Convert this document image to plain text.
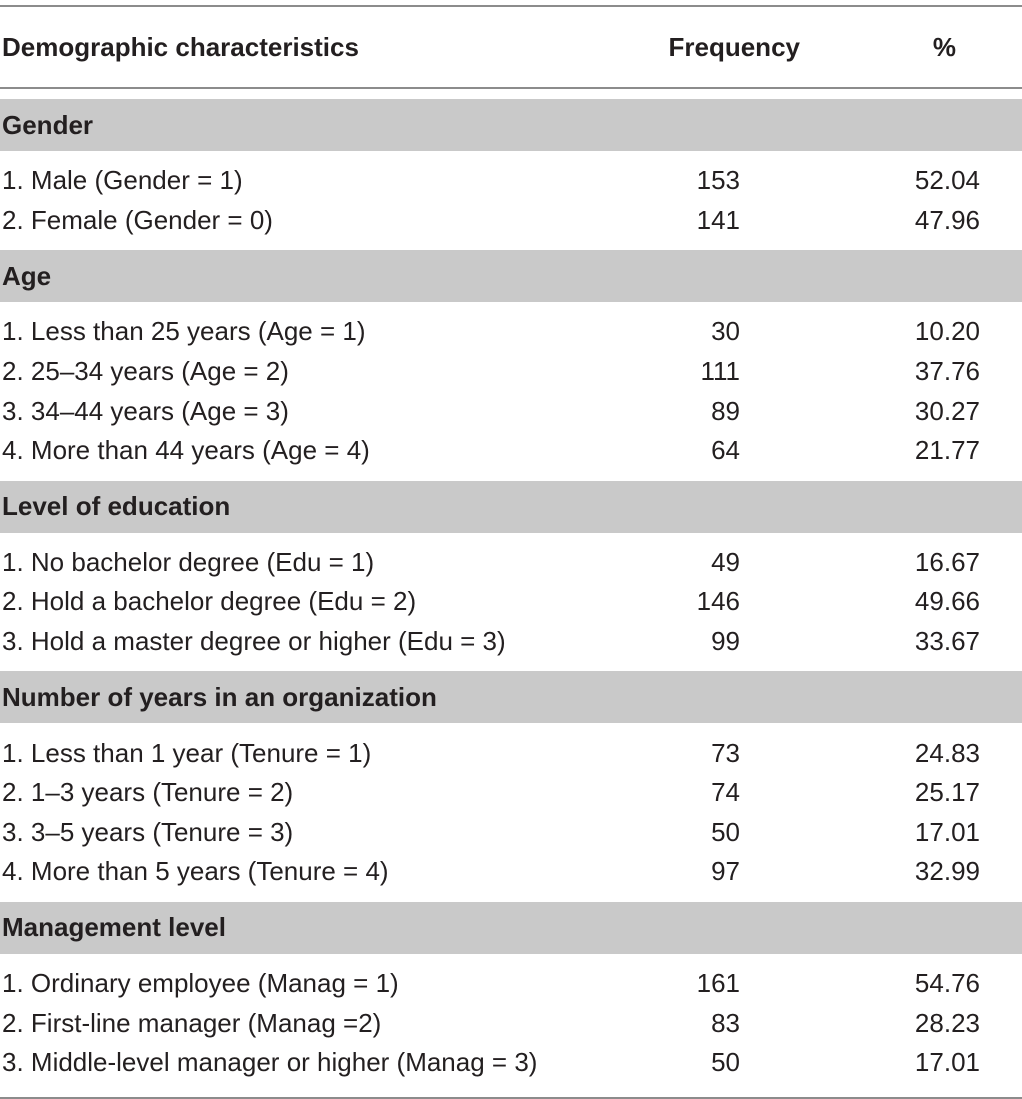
Demographic characteristics	Frequency	%
Gender
1. Male (Gender = 1)	153	52.04
2. Female (Gender = 0)	141	47.96
Age
1. Less than 25 years (Age = 1)	30	10.20
2. 25–34 years (Age = 2)	111	37.76
3. 34–44 years (Age = 3)	89	30.27
4. More than 44 years (Age = 4)	64	21.77
Level of education
1. No bachelor degree (Edu = 1)	49	16.67
2. Hold a bachelor degree (Edu = 2)	146	49.66
3. Hold a master degree or higher (Edu = 3)	99	33.67
Number of years in an organization
1. Less than 1 year (Tenure = 1)	73	24.83
2. 1–3 years (Tenure = 2)	74	25.17
3. 3–5 years (Tenure = 3)	50	17.01
4. More than 5 years (Tenure = 4)	97	32.99
Management level
1. Ordinary employee (Manag = 1)	161	54.76
2. First-line manager (Manag =2)	83	28.23
3. Middle-level manager or higher (Manag = 3)	50	17.01
